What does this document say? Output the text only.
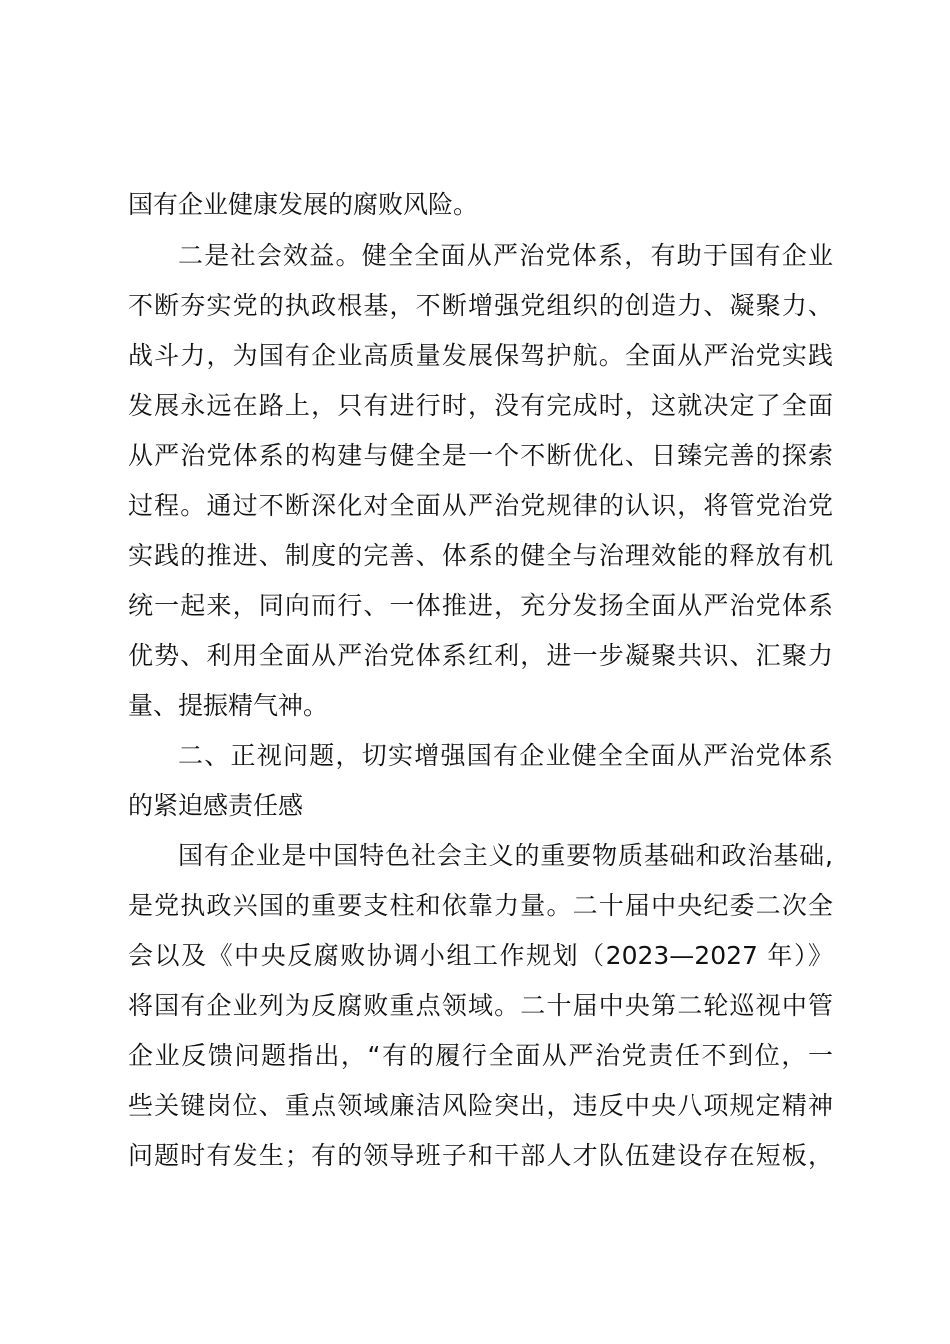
国有企业健康发展的腐败风险。
二是社会效益。健全全面从严治党体系，有助于国有企业
不断夯实党的执政根基，不断增强党组织的创造力、凝聚力、
战斗力，为国有企业高质量发展保驾护航。全面从严治党实践
发展永远在路上，只有进行时，没有完成时，这就决定了全面
从严治党体系的构建与健全是一个不断优化、日臻完善的探索
过程。通过不断深化对全面从严治党规律的认识，将管党治党
实践的推进、制度的完善、体系的健全与治理效能的释放有机
统一起来，同向而行、一体推进，充分发扬全面从严治党体系
优势、利用全面从严治党体系红利，进一步凝聚共识、汇聚力
量、提振精气神。
二、正视问题，切实增强国有企业健全全面从严治党体系
的紧迫感责任感
国有企业是中国特色社会主义的重要物质基础和政治基础,
是党执政兴国的重要支柱和依靠力量。二十届中央纪委二次全
会以及《中央反腐败协调小组工作规划（2023—2027 年）》
将国有企业列为反腐败重点领域。二十届中央第二轮巡视中管
企业反馈问题指出，“有的履行全面从严治党责任不到位，一
些关键岗位、重点领域廉洁风险突出，违反中央八项规定精神
问题时有发生；有的领导班子和干部人才队伍建设存在短板，
